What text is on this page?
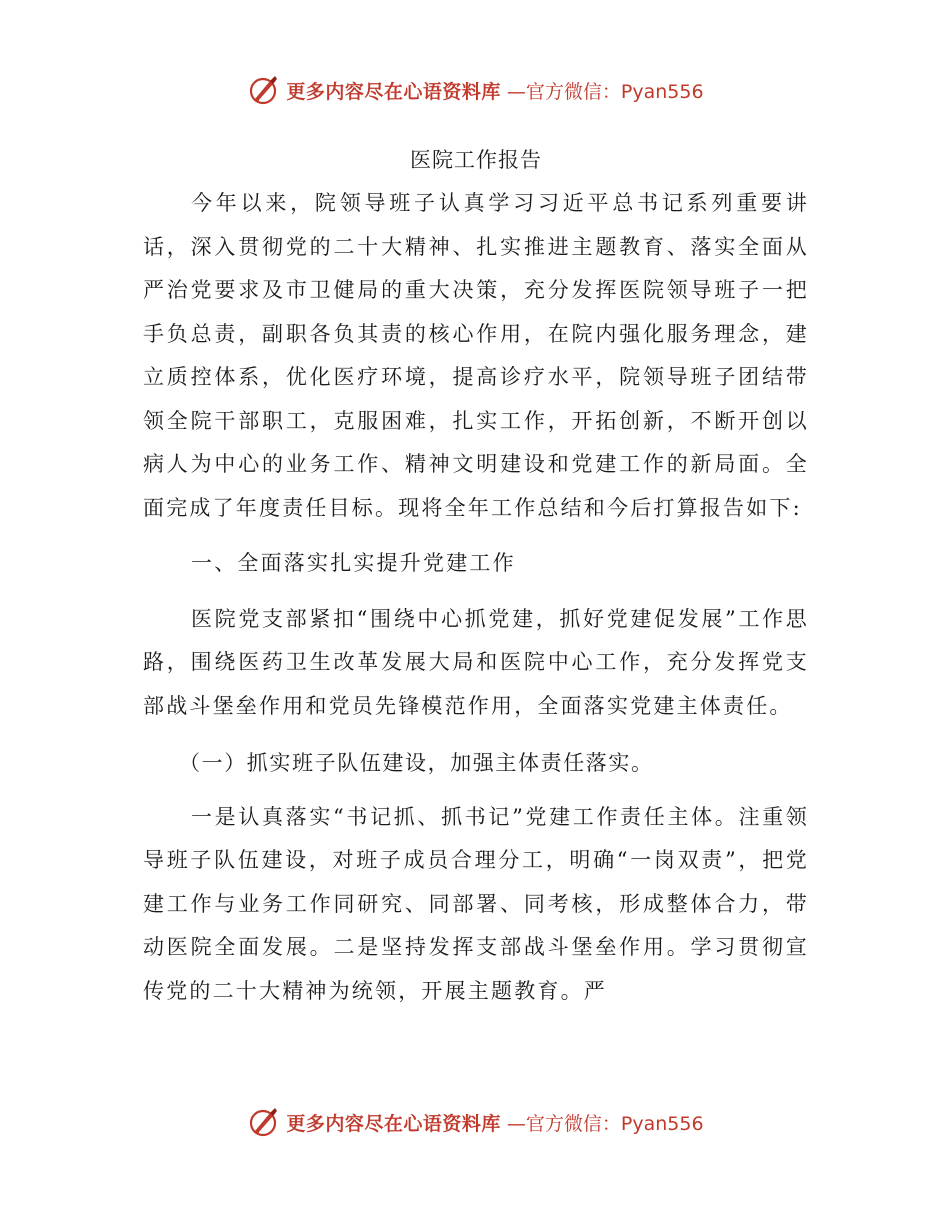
更多内容尽在心语资料库 —官方微信：Pyan556
医院工作报告

今年以来，院领导班子认真学习习近平总书记系列重要讲话，深入贯彻党的二十大精神、扎实推进主题教育、落实全面从严治党要求及市卫健局的重大决策，充分发挥医院领导班子一把手负总责，副职各负其责的核心作用，在院内强化服务理念，建立质控体系，优化医疗环境，提高诊疗水平，院领导班子团结带领全院干部职工，克服困难，扎实工作，开拓创新，不断开创以病人为中心的业务工作、精神文明建设和党建工作的新局面。全面完成了年度责任目标。现将全年工作总结和今后打算报告如下:

一、全面落实扎实提升党建工作

医院党支部紧扣“围绕中心抓党建，抓好党建促发展”工作思路，围绕医药卫生改革发展大局和医院中心工作，充分发挥党支部战斗堡垒作用和党员先锋模范作用，全面落实党建主体责任。

（一）抓实班子队伍建设，加强主体责任落实。

一是认真落实“书记抓、抓书记”党建工作责任主体。注重领导班子队伍建设，对班子成员合理分工，明确“一岗双责”，把党建工作与业务工作同研究、同部署、同考核，形成整体合力，带动医院全面发展。二是坚持发挥支部战斗堡垒作用。学习贯彻宣传党的二十大精神为统领，开展主题教育。严

更多内容尽在心语资料库 —官方微信：Pyan556
